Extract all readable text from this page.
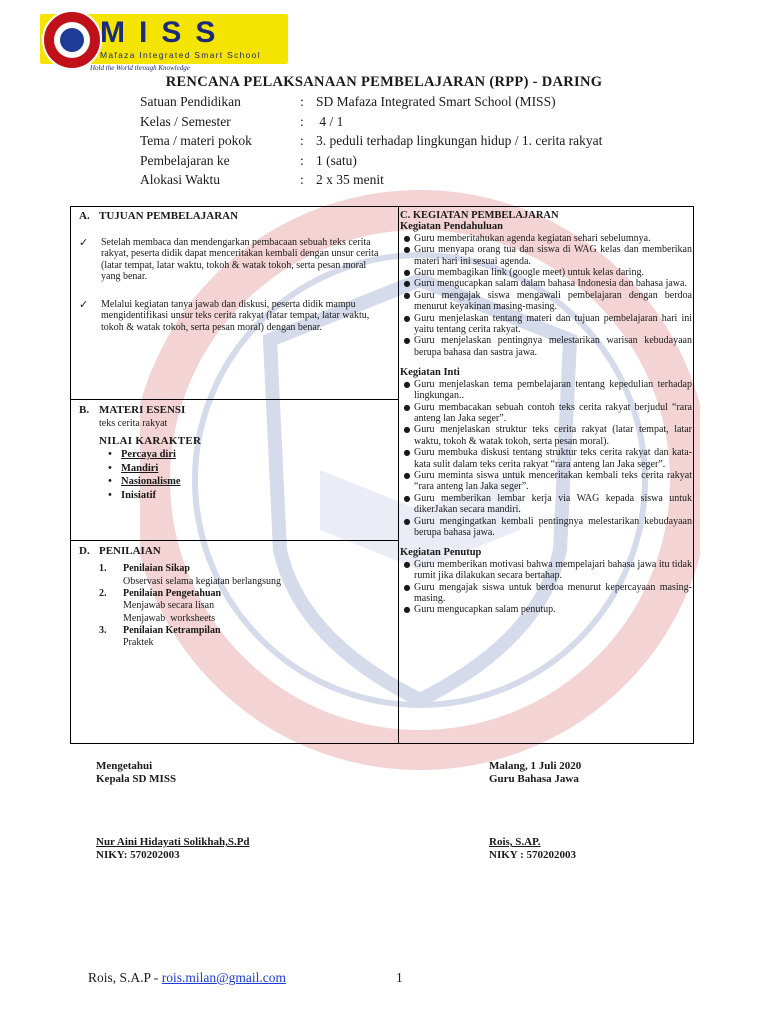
MISS
Mafaza Integrated Smart School
Hold the World through Knowledge
RENCANA PELAKSANAAN PEMBELAJARAN (RPP) - DARING
Satuan Pendidikan	: SD Mafaza Integrated Smart School (MISS)
Kelas / Semester	: 4 / 1
Tema / materi pokok	: 3. peduli terhadap lingkungan hidup / 1. cerita rakyat
Pembelajaran ke	: 1 (satu)
Alokasi Waktu	: 2 x 35 menit
A. TUJUAN PEMBELAJARAN
✓	Setelah membaca dan mendengarkan pembacaan sebuah teks cerita rakyat, peserta didik dapat menceritakan kembali dengan unsur cerita (latar tempat, latar waktu, tokoh & watak tokoh, serta pesan moral yang benar.
✓	Melalui kegiatan tanya jawab dan diskusi, peserta didik mampu mengidentifikasi unsur teks cerita rakyat (latar tempat, latar waktu, tokoh & watak tokoh, serta pesan moral) dengan benar.
B. MATERI ESENSI
teks cerita rakyat
NILAI KARAKTER
• Percaya diri
• Mandiri
• Nasionalisme
• Inisiatif
D. PENILAIAN
1.	Penilaian Sikap
Observasi selama kegiatan berlangsung
2.	Penilaian Pengetahuan
Menjawab secara lisan
Menjawab  worksheets
3.	Penilaian Ketrampilan
Praktek
C. KEGIATAN PEMBELAJARAN
Kegiatan Pendahuluan
● Guru memberitahukan agenda kegiatan sehari sebelumnya.
● Guru menyapa orang tua dan siswa di WAG kelas dan memberikan materi hari ini sesuai agenda.
● Guru membagikan link (google meet) untuk kelas daring.
● Guru mengucapkan salam dalam bahasa Indonesia dan bahasa jawa.
● Guru mengajak siswa mengawali pembelajaran dengan berdoa menurut keyakinan masing-masing.
● Guru menjelaskan tentang materi dan tujuan pembelajaran hari ini yaitu tentang cerita rakyat.
● Guru menjelaskan pentingnya melestarikan warisan kebudayaan berupa bahasa dan sastra jawa.
Kegiatan Inti
● Guru menjelaskan tema pembelajaran tentang kepedulian terhadap lingkungan..
● Guru membacakan sebuah contoh teks cerita rakyat berjudul “rara anteng lan Jaka seger”.
● Guru menjelaskan struktur teks cerita rakyat (latar tempat, latar waktu, tokoh & watak tokoh, serta pesan moral).
● Guru membuka diskusi tentang struktur teks cerita rakyat dan kata-kata sulit dalam teks cerita rakyat “rara anteng lan Jaka seger”.
● Guru meminta siswa untuk menceritakan kembali teks cerita rakyat “rara anteng lan Jaka seger”.
● Guru memberikan lembar kerja via WAG kepada siswa untuk dikerJakan secara mandiri.
● Guru mengingatkan kembali pentingnya melestarikan kebudayaan berupa bahasa jawa.
Kegiatan Penutup
● Guru memberikan motivasi bahwa mempelajari bahasa jawa itu tidak rumit jika dilakukan secara bertahap.
● Guru mengajak siswa untuk berdoa menurut kepercayaan masing-masing.
● Guru mengucapkan salam penutup.
Mengetahui
Kepala SD MISS
Nur Aini Hidayati Solikhah,S.Pd
NIKY: 570202003
Malang, 1 Juli 2020
Guru Bahasa Jawa
Rois, S.AP.
NIKY : 570202003
Rois, S.A.P - rois.milan@gmail.com	1
